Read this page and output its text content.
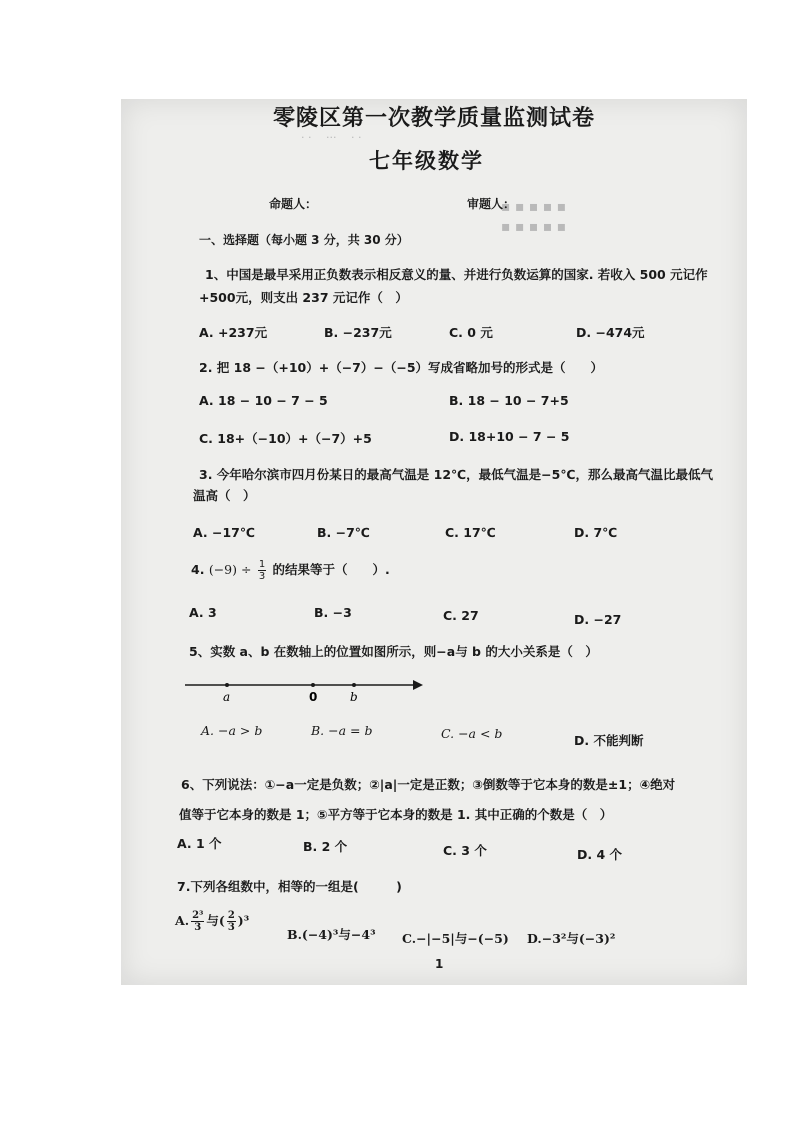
· · 　··· 　· ·
▪ ▪ ▪ ▪ ▪
▪ ▪ ▪ ▪ ▪
零陵区第一次教学质量监测试卷
七年级数学
命题人：	审题人：
一、选择题（每小题 3 分，共 30 分）
1、中国是最早采用正负数表示相反意义的量、并进行负数运算的国家. 若收入 500 元记作
+500元，则支出 237 元记作（　）
A. +237元	B. −237元	C. 0 元	D. −474元
2. 把 18 −（+10）+（−7）−（−5）写成省略加号的形式是（　　）
A. 18 − 10 − 7 − 5	B. 18 − 10 − 7+5
C. 18+（−10）+（−7）+5	D. 18+10 − 7 − 5
3. 今年哈尔滨市四月份某日的最高气温是 12℃，最低气温是−5℃，那么最高气温比最低气
温高（　）
A. −17℃	B. −7℃	C. 17℃	D. 7℃
4. $(-9) \div \frac{1}{3}$ 的结果等于（　　）.
A. 3	B. −3	C. 27	D. −27
5、实数 a、b 在数轴上的位置如图所示，则−a与 b 的大小关系是（　）
a	0	b
A. −a > b	B. −a = b	C. −a < b	D. 不能判断
6、下列说法：①−a一定是负数；②|a|一定是正数；③倒数等于它本身的数是±1；④绝对
值等于它本身的数是 1；⑤平方等于它本身的数是 1. 其中正确的个数是（　）
A. 1 个	B. 2 个	C. 3 个	D. 4 个
7.下列各组数中，相等的一组是(　　　)
A. $\frac{\text{2³}}{3}$ 与( $\frac{2}{3} )^3$
B.(−4)³与−4³ C.−|−5|与−(−5) D.−3²与(−3)²
1
